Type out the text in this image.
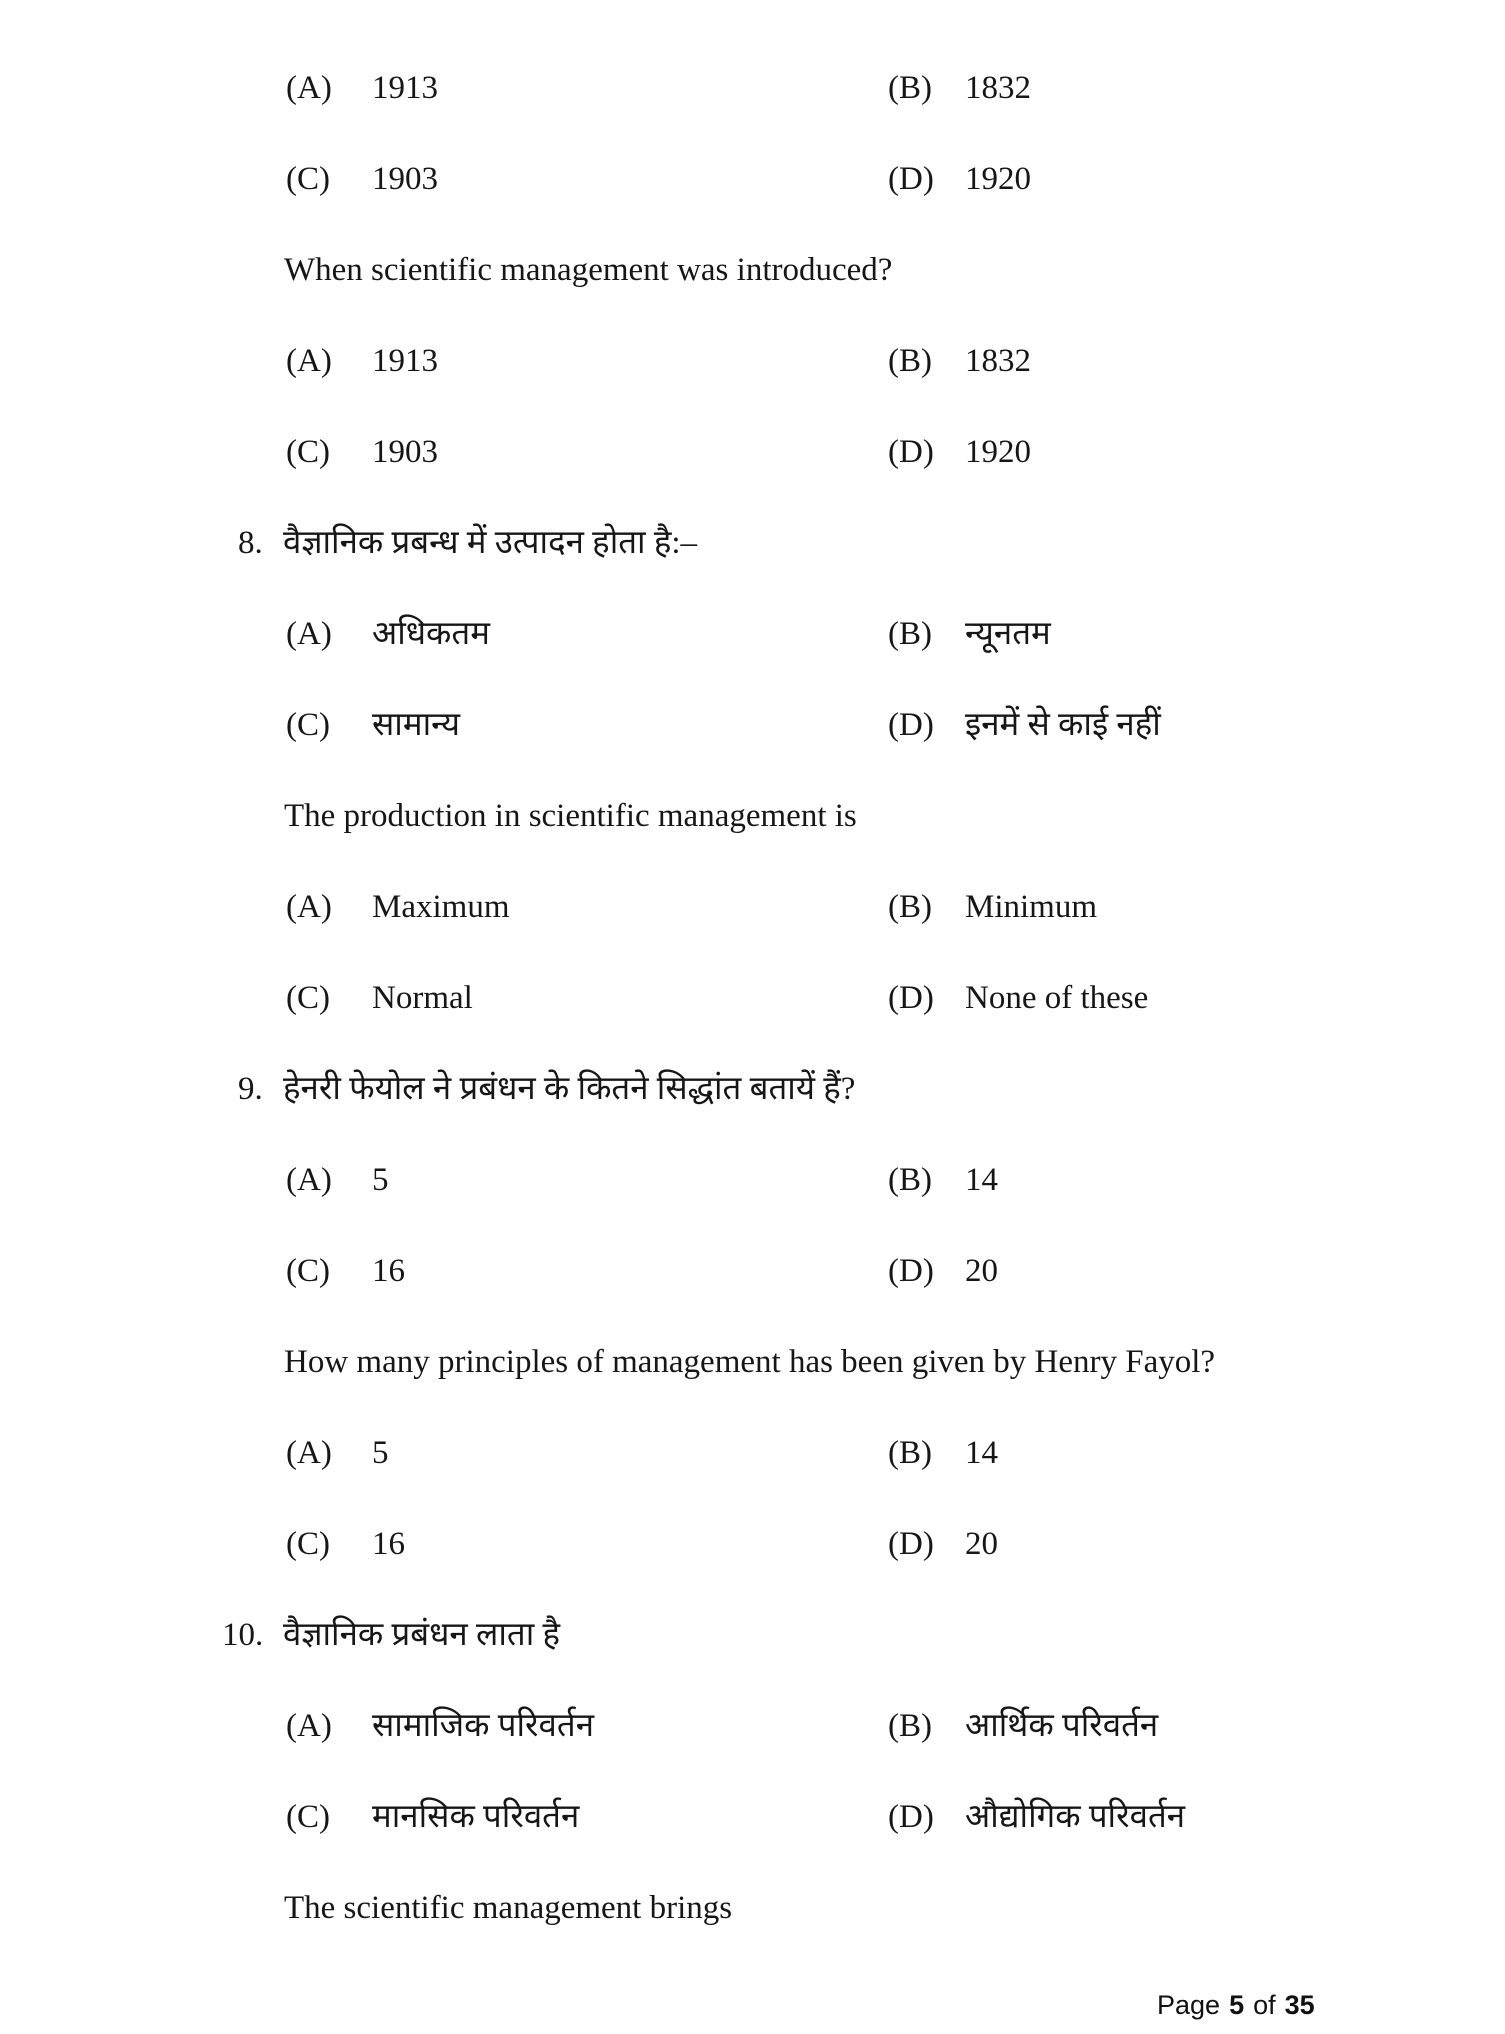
(A)	1913	(B)	1832
(C)	1903	(D) 1920
When scientific management was introduced?
(A)	1913	(B)	1832
(C)	1903	(D) 1920
8. वैज्ञानिक प्रबन्ध में उत्पादन होता है:–
(A)	अधिकतम	(B)	न्यूनतम
(C)	सामान्य	(D) इनमें से काई नहीं
The production in scientific management is
(A)	Maximum	(B)	Minimum
(C)	Normal	(D) None of these
9. हेनरी फेयोल ने प्रबंधन के कितने सिद्धांत बतायें हैं?
(A)	5	(B)	14
(C)	16	(D) 20
How many principles of management has been given by Henry Fayol?
(A)	5	(B)	14
(C)	16	(D) 20
10. वैज्ञानिक प्रबंधन लाता है
(A)	सामाजिक परिवर्तन	(B)	आर्थिक परिवर्तन
(C)	मानसिक परिवर्तन	(D) औद्योगिक परिवर्तन
The scientific management brings
Page 5 of 35
